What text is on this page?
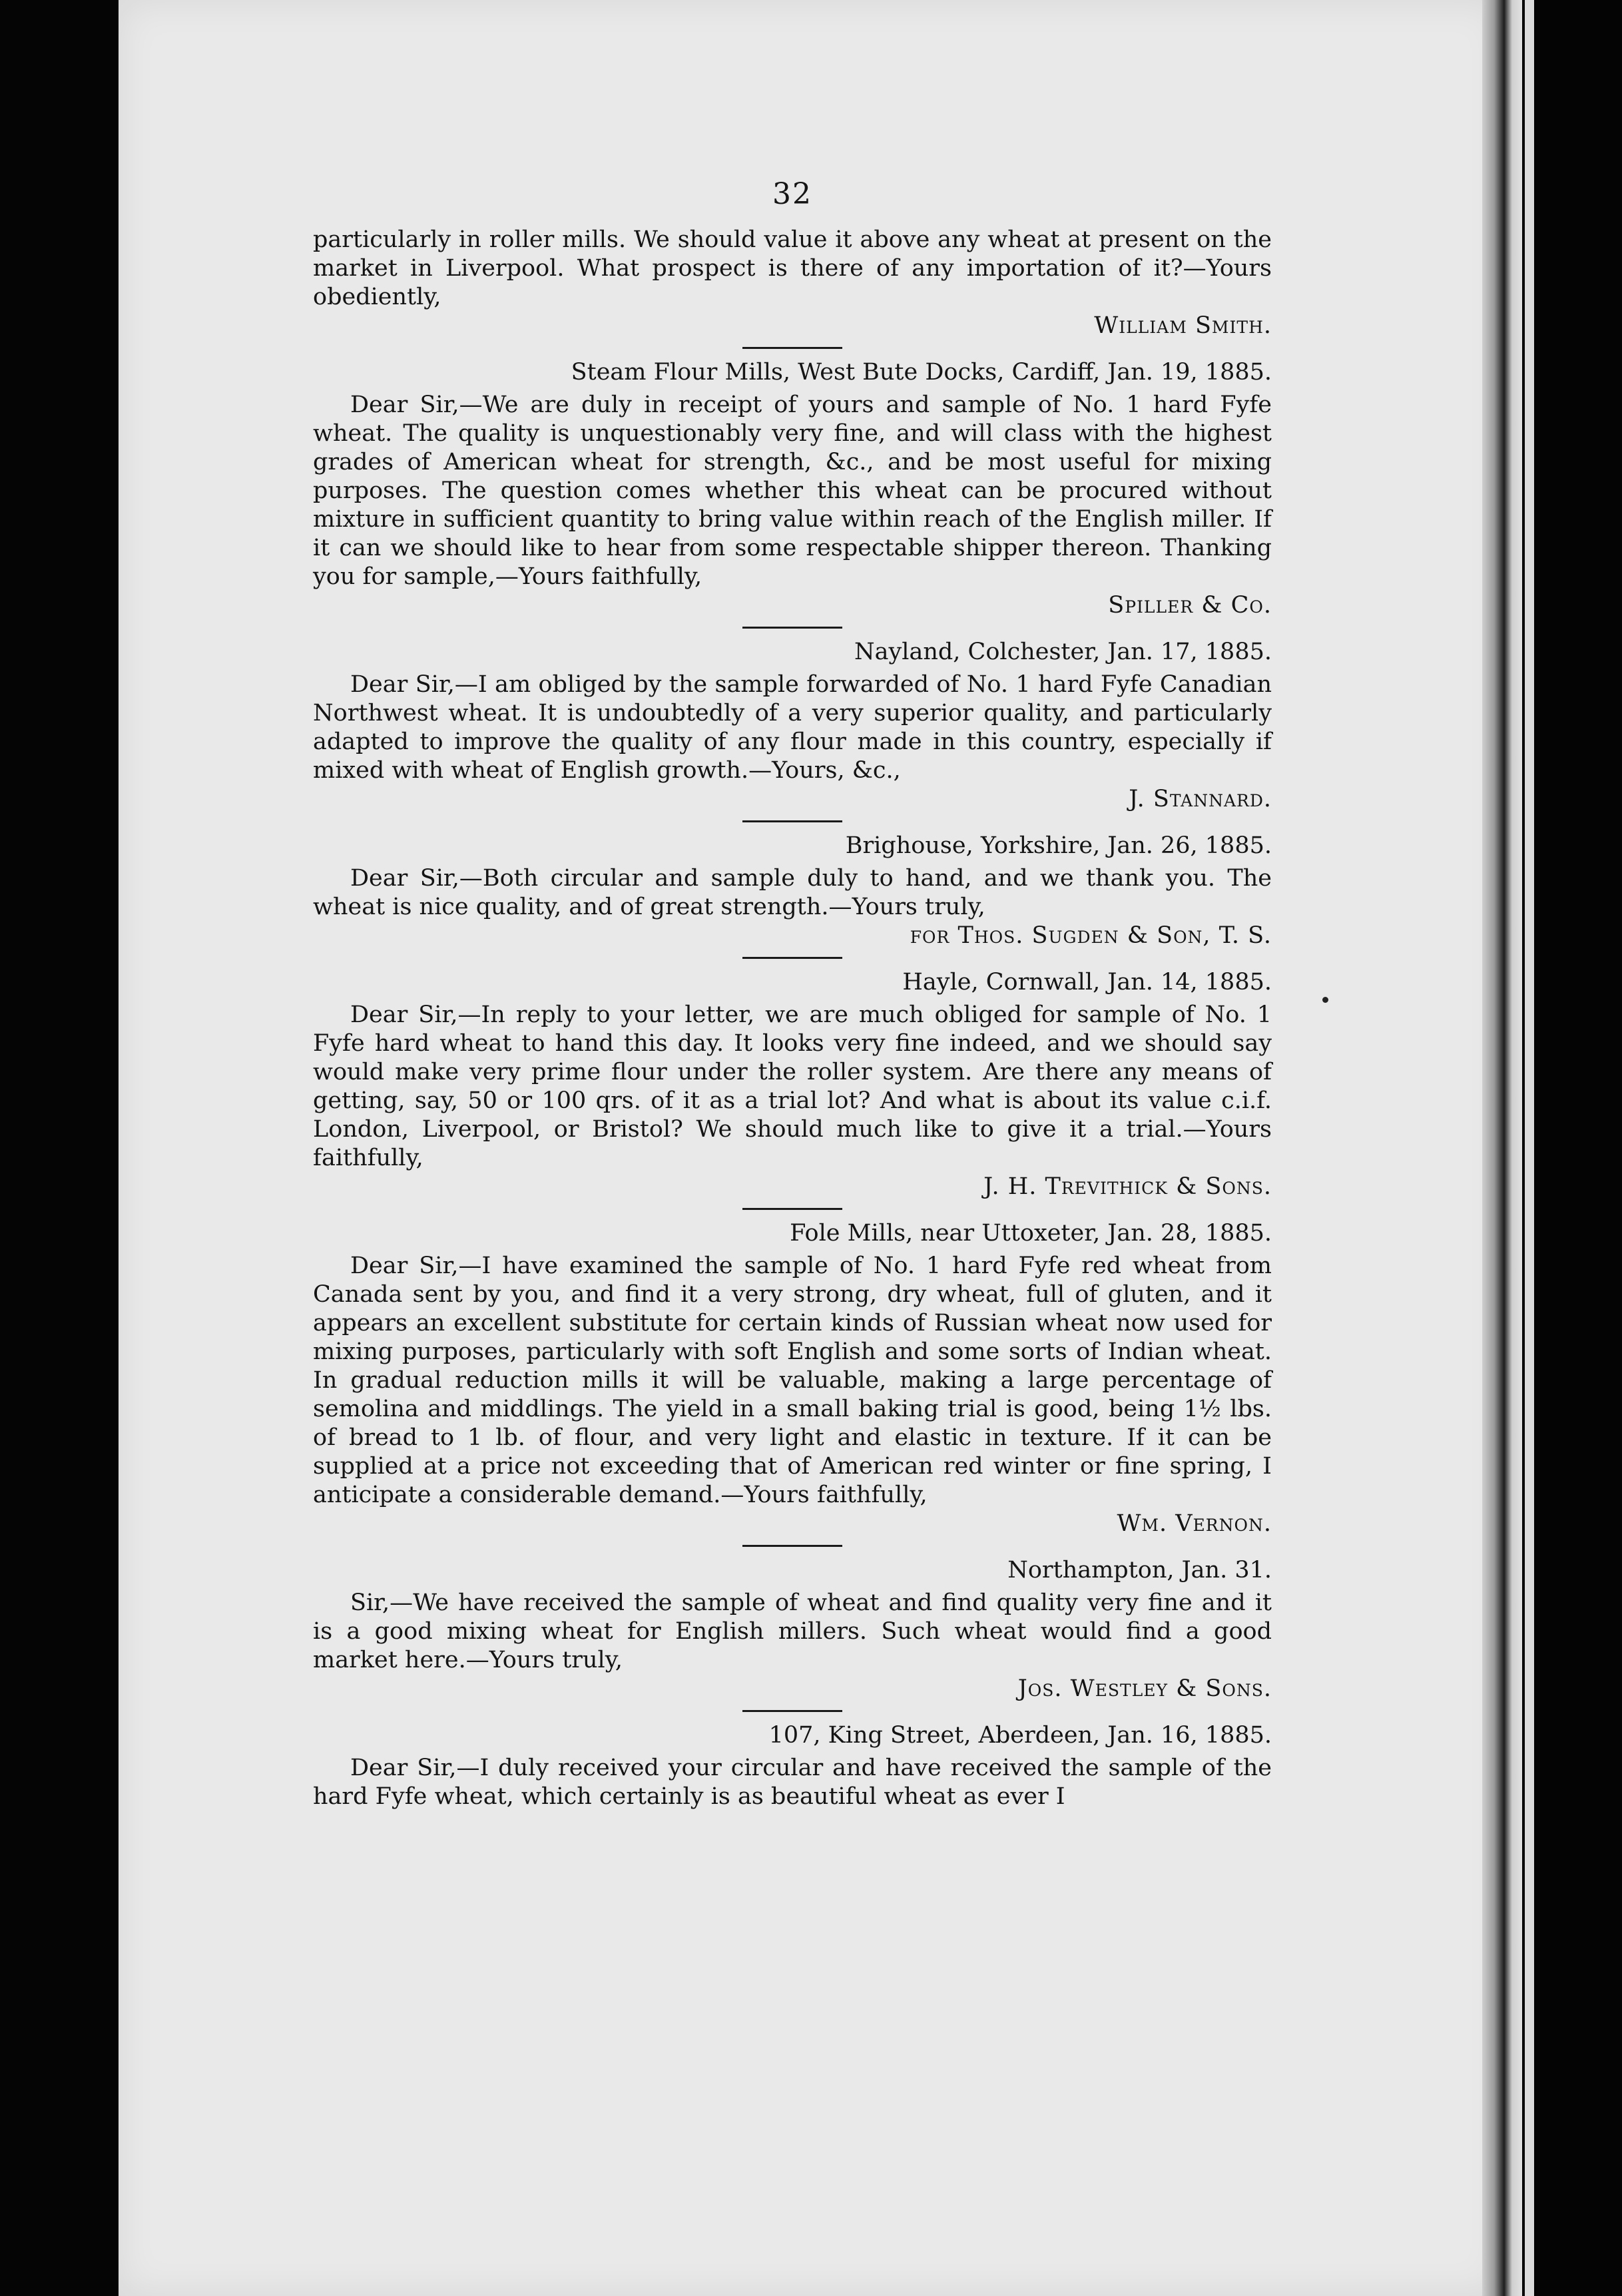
32

particularly in roller mills. We should value it above any wheat at present on the market in Liverpool. What prospect is there of any importation of it?—Yours obediently,

William Smith.

Steam Flour Mills, West Bute Docks, Cardiff, Jan. 19, 1885.

Dear Sir,—We are duly in receipt of yours and sample of No. 1 hard Fyfe wheat. The quality is unquestionably very fine, and will class with the highest grades of American wheat for strength, &c., and be most useful for mixing purposes. The question comes whether this wheat can be procured without mixture in sufficient quantity to bring value within reach of the English miller. If it can we should like to hear from some respectable shipper thereon. Thanking you for sample,—Yours faithfully,

Spiller & Co.

Nayland, Colchester, Jan. 17, 1885.

Dear Sir,—I am obliged by the sample forwarded of No. 1 hard Fyfe Canadian Northwest wheat. It is undoubtedly of a very superior quality, and particularly adapted to improve the quality of any flour made in this country, especially if mixed with wheat of English growth.—Yours, &c.,

J. Stannard.

Brighouse, Yorkshire, Jan. 26, 1885.

Dear Sir,—Both circular and sample duly to hand, and we thank you. The wheat is nice quality, and of great strength.—Yours truly,

for Thos. Sugden & Son, T. S.

Hayle, Cornwall, Jan. 14, 1885.

Dear Sir,—In reply to your letter, we are much obliged for sample of No. 1 Fyfe hard wheat to hand this day. It looks very fine indeed, and we should say would make very prime flour under the roller system. Are there any means of getting, say, 50 or 100 qrs. of it as a trial lot? And what is about its value c.i.f. London, Liverpool, or Bristol? We should much like to give it a trial.—Yours faithfully,

J. H. Trevithick & Sons.

Fole Mills, near Uttoxeter, Jan. 28, 1885.

Dear Sir,—I have examined the sample of No. 1 hard Fyfe red wheat from Canada sent by you, and find it a very strong, dry wheat, full of gluten, and it appears an excellent substitute for certain kinds of Russian wheat now used for mixing purposes, particularly with soft English and some sorts of Indian wheat. In gradual reduction mills it will be valuable, making a large percentage of semolina and middlings. The yield in a small baking trial is good, being 1½ lbs. of bread to 1 lb. of flour, and very light and elastic in texture. If it can be supplied at a price not exceeding that of American red winter or fine spring, I anticipate a considerable demand.—Yours faithfully,

Wm. Vernon.

Northampton, Jan. 31.

Sir,—We have received the sample of wheat and find quality very fine and it is a good mixing wheat for English millers. Such wheat would find a good market here.—Yours truly,

Jos. Westley & Sons.

107, King Street, Aberdeen, Jan. 16, 1885.

Dear Sir,—I duly received your circular and have received the sample of the hard Fyfe wheat, which certainly is as beautiful wheat as ever I
